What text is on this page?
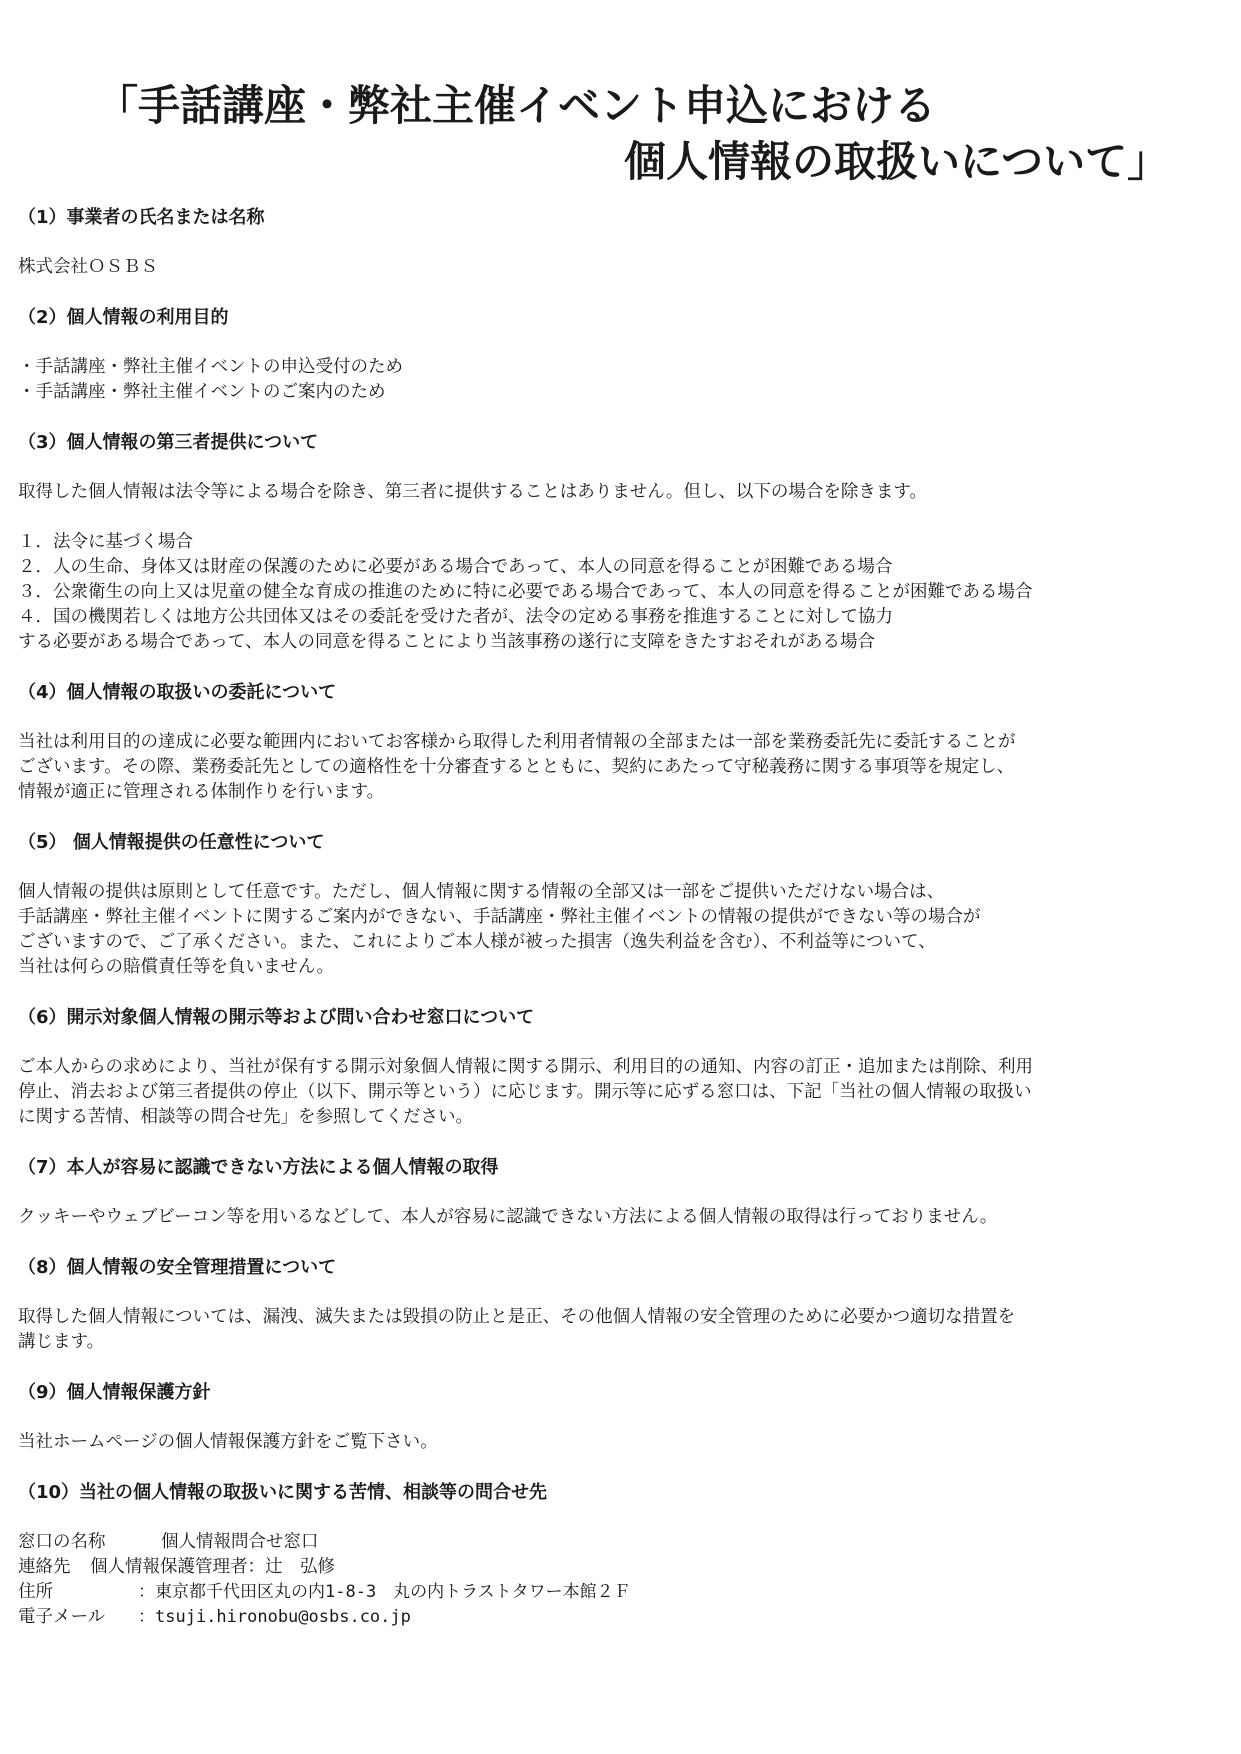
「手話講座・弊社主催イベント申込における
個人情報の取扱いについて」
（1）事業者の氏名または名称

株式会社ＯＳＢＳ

（2）個人情報の利用目的
・手話講座・弊社主催イベントの申込受付のため
・手話講座・弊社主催イベントのご案内のため
（3）個人情報の第三者提供について

取得した個人情報は法令等による場合を除き、第三者に提供することはありません。但し、以下の場合を除きます。

１．法令に基づく場合
２．人の生命、身体又は財産の保護のために必要がある場合であって、本人の同意を得ることが困難である場合
３．公衆衛生の向上又は児童の健全な育成の推進のために特に必要である場合であって、本人の同意を得ることが困難である場合
４．国の機関若しくは地方公共団体又はその委託を受けた者が、法令の定める事務を推進することに対して協力
する必要がある場合であって、本人の同意を得ることにより当該事務の遂行に支障をきたすおそれがある場合
（4）個人情報の取扱いの委託について

当社は利用目的の達成に必要な範囲内においてお客様から取得した利用者情報の全部または一部を業務委託先に委託することが

ございます。その際、業務委託先としての適格性を十分審査するとともに、契約にあたって守秘義務に関する事項等を規定し、

情報が適正に管理される体制作りを行います。

（5） 個人情報提供の任意性について

個人情報の提供は原則として任意です。ただし、個人情報に関する情報の全部又は一部をご提供いただけない場合は、

手話講座・弊社主催イベントに関するご案内ができない、手話講座・弊社主催イベントの情報の提供ができない等の場合が

ございますので、ご了承ください。また、これによりご本人様が被った損害（逸失利益を含む）、不利益等について、

当社は何らの賠償責任等を負いません。

（6）開示対象個人情報の開示等および問い合わせ窓口について

ご本人からの求めにより、当社が保有する開示対象個人情報に関する開示、利用目的の通知、内容の訂正・追加または削除、利用

停止、消去および第三者提供の停止（以下、開示等という）に応じます。開示等に応ずる窓口は、下記「当社の個人情報の取扱い

に関する苦情、相談等の問合せ先」を参照してください。

（7）本人が容易に認識できない方法による個人情報の取得

クッキーやウェブビーコン等を用いるなどして、本人が容易に認識できない方法による個人情報の取得は行っておりません。

（8）個人情報の安全管理措置について

取得した個人情報については、漏洩、滅失または毀損の防止と是正、その他個人情報の安全管理のために必要かつ適切な措置を

講じます。

（9）個人情報保護方針

当社ホームページの個人情報保護方針をご覧下さい。

（10）当社の個人情報の取扱いに関する苦情、相談等の問合せ先
窓口の名称	個人情報問合せ窓口
連絡先 個人情報保護管理者：辻　弘修
住所	：東京都千代田区丸の内1-8-3　丸の内トラストタワー本館２Ｆ
電子メール ：tsuji.hironobu@osbs.co.jp
